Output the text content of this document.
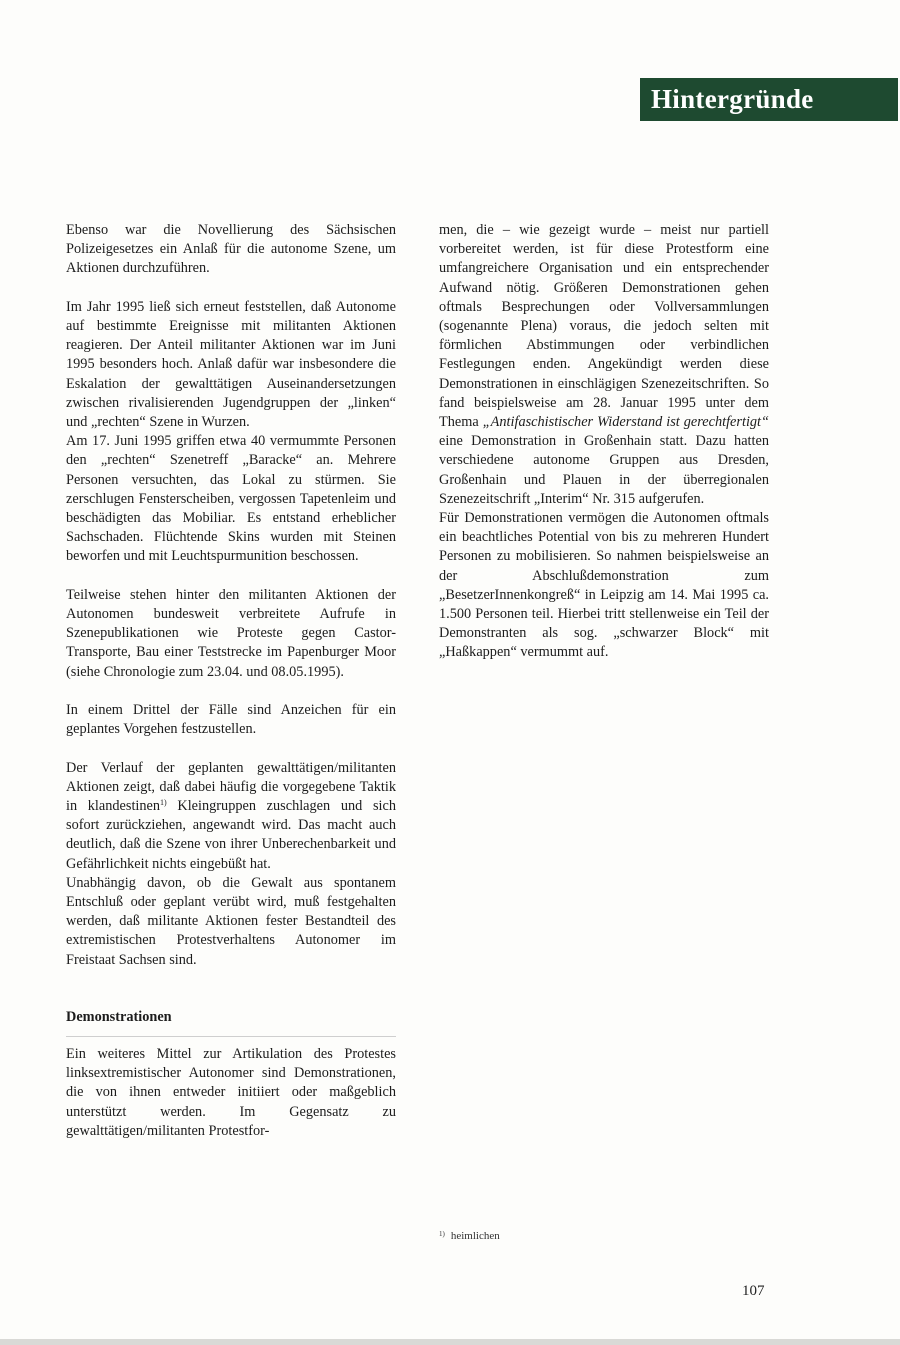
Hintergründe

Ebenso war die Novellierung des Sächsischen Polizeigesetzes ein Anlaß für die autonome Szene, um Aktionen durchzuführen.

Im Jahr 1995 ließ sich erneut feststellen, daß Autonome auf bestimmte Ereignisse mit militanten Aktionen reagieren. Der Anteil militanter Aktionen war im Juni 1995 besonders hoch. Anlaß dafür war insbesondere die Eskalation der gewalttätigen Auseinandersetzungen zwischen rivalisierenden Jugendgruppen der „linken“ und „rechten“ Szene in Wurzen.

Am 17. Juni 1995 griffen etwa 40 vermummte Personen den „rechten“ Szenetreff „Baracke“ an. Mehrere Personen versuchten, das Lokal zu stürmen. Sie zerschlugen Fensterscheiben, vergossen Tapetenleim und beschädigten das Mobiliar. Es entstand erheblicher Sachschaden. Flüchtende Skins wurden mit Steinen beworfen und mit Leuchtspurmunition beschossen.

Teilweise stehen hinter den militanten Aktionen der Autonomen bundesweit verbreitete Aufrufe in Szenepublikationen wie Proteste gegen Castor-Transporte, Bau einer Teststrecke im Papenburger Moor (siehe Chronologie zum 23.04. und 08.05.1995).

In einem Drittel der Fälle sind Anzeichen für ein geplantes Vorgehen festzustellen.

Der Verlauf der geplanten gewalttätigen/militanten Aktionen zeigt, daß dabei häufig die vorgegebene Taktik in klandestinen$^{1)}$ Kleingruppen zuschlagen und sich sofort zurückziehen, angewandt wird. Das macht auch deutlich, daß die Szene von ihrer Unberechenbarkeit und Gefährlichkeit nichts eingebüßt hat.

Unabhängig davon, ob die Gewalt aus spontanem Entschluß oder geplant verübt wird, muß festgehalten werden, daß militante Aktionen fester Bestandteil des extremistischen Protestverhaltens Autonomer im Freistaat Sachsen sind.

Demonstrationen

Ein weiteres Mittel zur Artikulation des Protestes linksextremistischer Autonomer sind Demonstrationen, die von ihnen entweder initiiert oder maßgeblich unterstützt werden. Im Gegensatz zu gewalttätigen/militanten Protestfor-

men, die – wie gezeigt wurde – meist nur partiell vorbereitet werden, ist für diese Protestform eine umfangreichere Organisation und ein entsprechender Aufwand nötig. Größeren Demonstrationen gehen oftmals Besprechungen oder Vollversammlungen (sogenannte Plena) voraus, die jedoch selten mit förmlichen Abstimmungen oder verbindlichen Festlegungen enden. Angekündigt werden diese Demonstrationen in einschlägigen Szenezeitschriften. So fand beispielsweise am 28. Januar 1995 unter dem Thema „Antifaschistischer Widerstand ist gerechtfertigt“ eine Demonstration in Großenhain statt. Dazu hatten verschiedene autonome Gruppen aus Dresden, Großenhain und Plauen in der überregionalen Szenezeitschrift „Interim“ Nr. 315 aufgerufen.

Für Demonstrationen vermögen die Autonomen oftmals ein beachtliches Potential von bis zu mehreren Hundert Personen zu mobilisieren. So nahmen beispielsweise an der Abschlußdemonstration zum „BesetzerInnenkongreß“ in Leipzig am 14. Mai 1995 ca. 1.500 Personen teil. Hierbei tritt stellenweise ein Teil der Demonstranten als sog. „schwarzer Block“ mit „Haßkappen“ vermummt auf.

$^{1)}$ heimlichen
107
